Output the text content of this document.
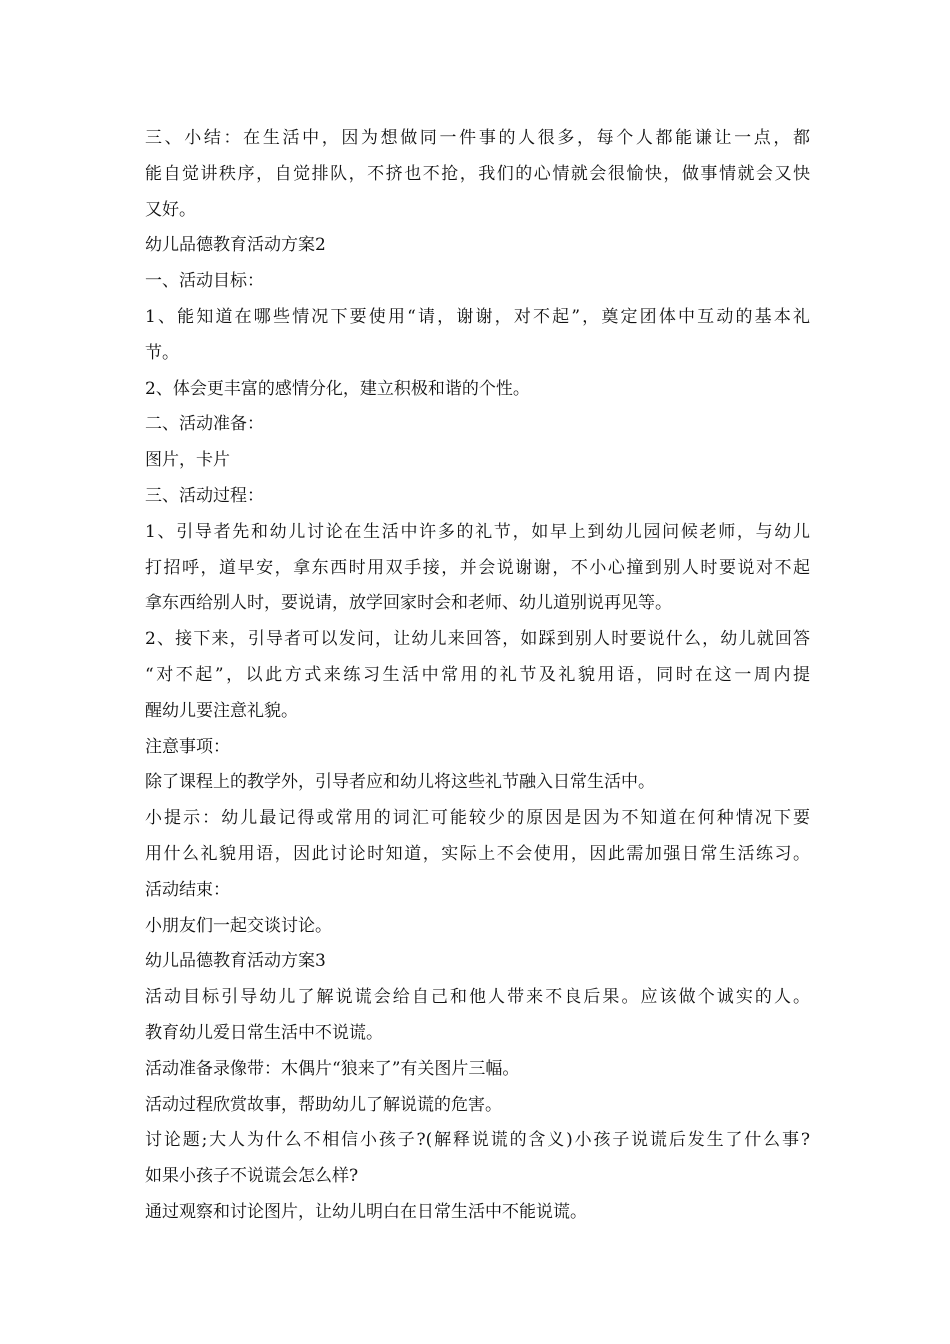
三、小结：在生活中，因为想做同一件事的人很多，每个人都能谦让一点，都
能自觉讲秩序，自觉排队，不挤也不抢，我们的心情就会很愉快，做事情就会又快
又好。
幼儿品德教育活动方案2
一、活动目标：
1、能知道在哪些情况下要使用“请，谢谢，对不起”，奠定团体中互动的基本礼
节。
2、体会更丰富的感情分化，建立积极和谐的个性。
二、活动准备：
图片，卡片
三、活动过程：
1、引导者先和幼儿讨论在生活中许多的礼节，如早上到幼儿园问候老师，与幼儿
打招呼，道早安，拿东西时用双手接，并会说谢谢，不小心撞到别人时要说对不起
拿东西给别人时，要说请，放学回家时会和老师、幼儿道别说再见等。
2、接下来，引导者可以发问，让幼儿来回答，如踩到别人时要说什么，幼儿就回答
“对不起”，以此方式来练习生活中常用的礼节及礼貌用语，同时在这一周内提
醒幼儿要注意礼貌。
注意事项：
除了课程上的教学外，引导者应和幼儿将这些礼节融入日常生活中。
小提示：幼儿最记得或常用的词汇可能较少的原因是因为不知道在何种情况下要
用什么礼貌用语，因此讨论时知道，实际上不会使用，因此需加强日常生活练习。
活动结束：
小朋友们一起交谈讨论。
幼儿品德教育活动方案3
活动目标引导幼儿了解说谎会给自己和他人带来不良后果。应该做个诚实的人。
教育幼儿爱日常生活中不说谎。
活动准备录像带：木偶片“狼来了”有关图片三幅。
活动过程欣赏故事，帮助幼儿了解说谎的危害。
讨论题;大人为什么不相信小孩子?(解释说谎的含义)小孩子说谎后发生了什么事?
如果小孩子不说谎会怎么样?
通过观察和讨论图片，让幼儿明白在日常生活中不能说谎。
